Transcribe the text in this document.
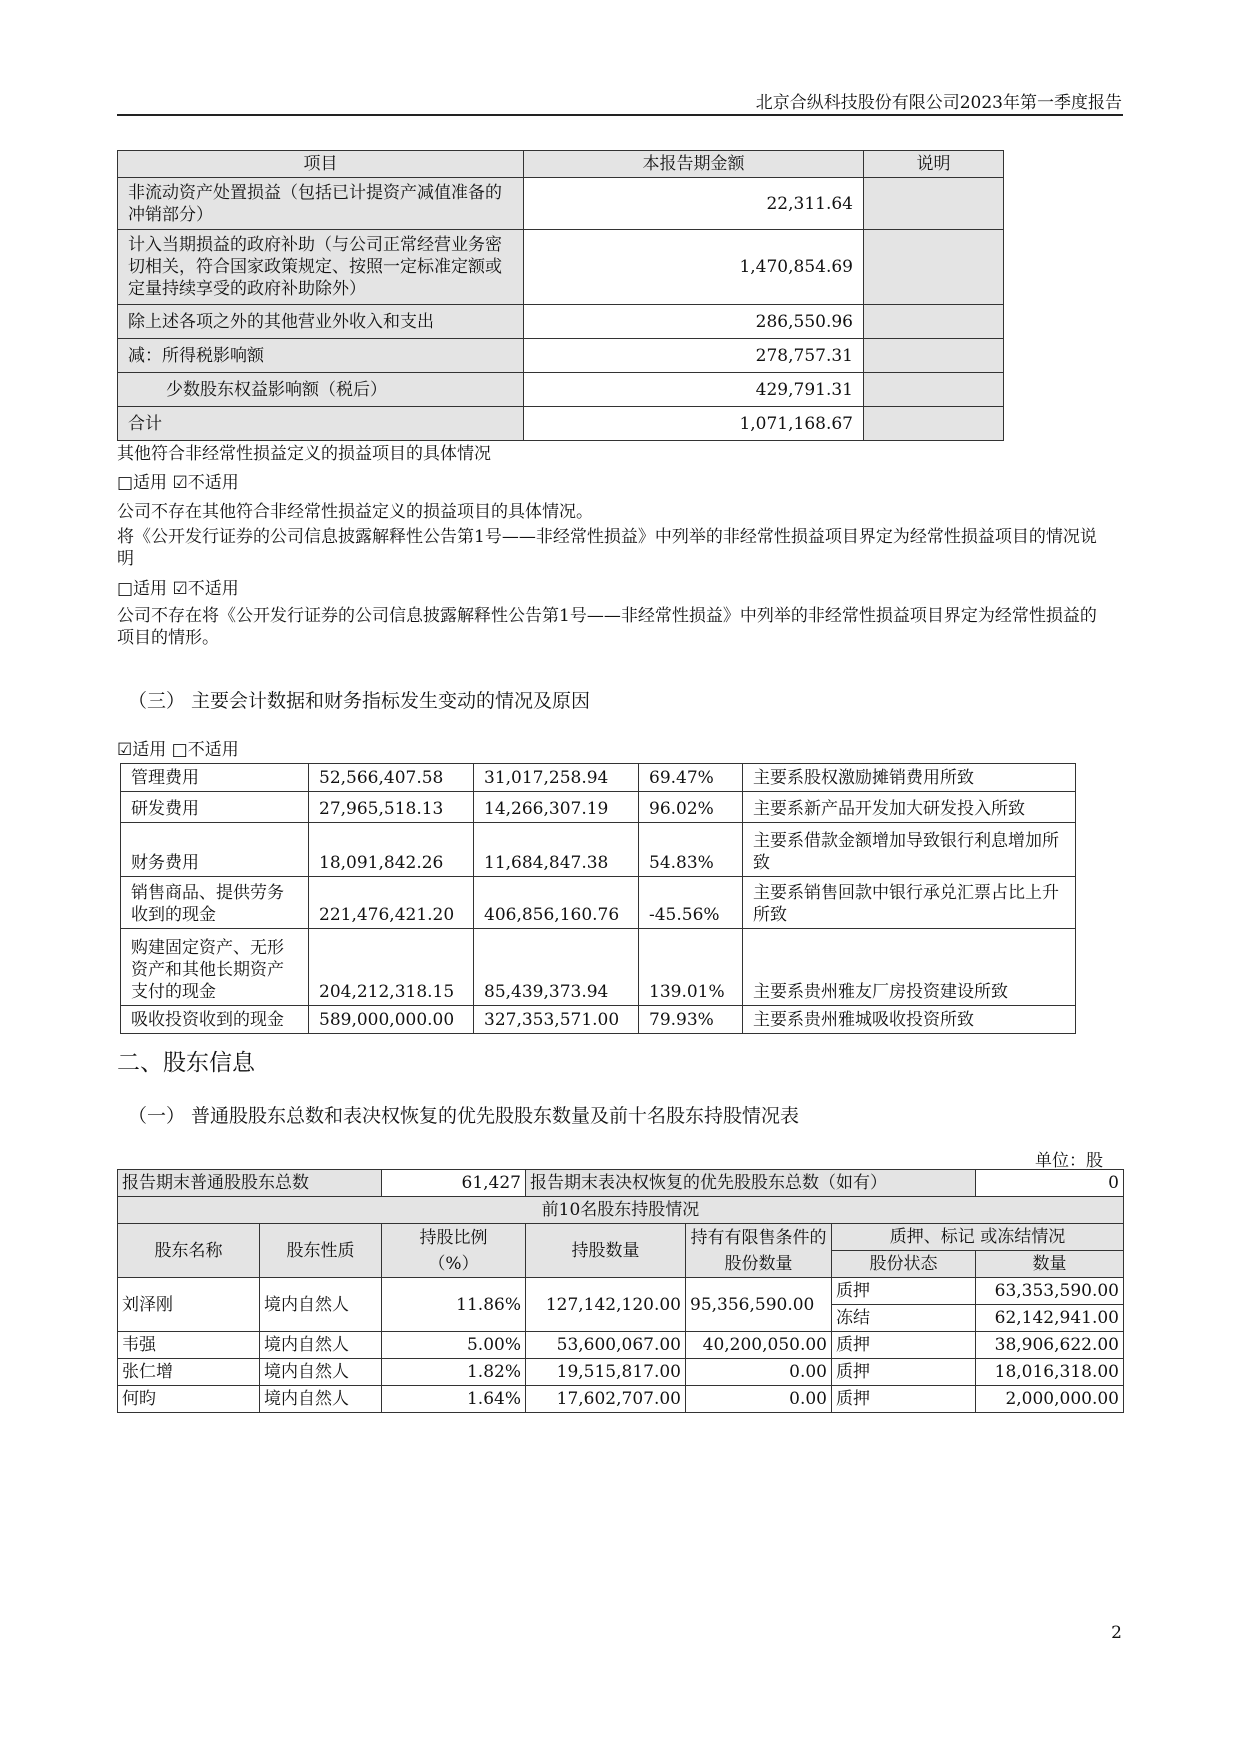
北京合纵科技股份有限公司2023年第一季度报告
项目	本报告期金额	说明
非流动资产处置损益（包括已计提资产减值准备的冲销部分）	22,311.64	
计入当期损益的政府补助（与公司正常经营业务密切相关，符合国家政策规定、按照一定标准定额或定量持续享受的政府补助除外）	1,470,854.69	
除上述各项之外的其他营业外收入和支出	286,550.96	
减：所得税影响额	278,757.31	
少数股东权益影响额（税后）	429,791.31	
合计	1,071,168.67	
其他符合非经常性损益定义的损益项目的具体情况
□适用 ☑不适用
公司不存在其他符合非经常性损益定义的损益项目的具体情况。
将《公开发行证券的公司信息披露解释性公告第1号——非经常性损益》中列举的非经常性损益项目界定为经常性损益项目的情况说明
□适用 ☑不适用
公司不存在将《公开发行证券的公司信息披露解释性公告第1号——非经常性损益》中列举的非经常性损益项目界定为经常性损益的项目的情形。
（三） 主要会计数据和财务指标发生变动的情况及原因
☑适用 □不适用
管理费用	52,566,407.58	31,017,258.94	69.47%	主要系股权激励摊销费用所致
研发费用	27,965,518.13	14,266,307.19	96.02%	主要系新产品开发加大研发投入所致
财务费用	18,091,842.26	11,684,847.38	54.83%	主要系借款金额增加导致银行利息增加所致
销售商品、提供劳务收到的现金	221,476,421.20	406,856,160.76	-45.56%	主要系销售回款中银行承兑汇票占比上升所致
购建固定资产、无形资产和其他长期资产支付的现金	204,212,318.15	85,439,373.94	139.01%	主要系贵州雅友厂房投资建设所致
吸收投资收到的现金	589,000,000.00	327,353,571.00	79.93%	主要系贵州雅城吸收投资所致
二、股东信息
（一） 普通股股东总数和表决权恢复的优先股股东数量及前十名股东持股情况表
单位：股
报告期末普通股股东总数		61,427	报告期末表决权恢复的优先股股东总数（如有）			0
前10名股东持股情况						
股东名称	股东性质	持股比例（%）	持股数量	持有有限售条件的股份数量	质押、标记 或冻结情况	
					股份状态	数量
刘泽刚	境内自然人	11.86%	127,142,120.00	95,356,590.00	质押	63,353,590.00
					冻结	62,142,941.00
韦强	境内自然人	5.00%	53,600,067.00	40,200,050.00	质押	38,906,622.00
张仁增	境内自然人	1.82%	19,515,817.00	0.00	质押	18,016,318.00
何昀	境内自然人	1.64%	17,602,707.00	0.00	质押	2,000,000.00
2
